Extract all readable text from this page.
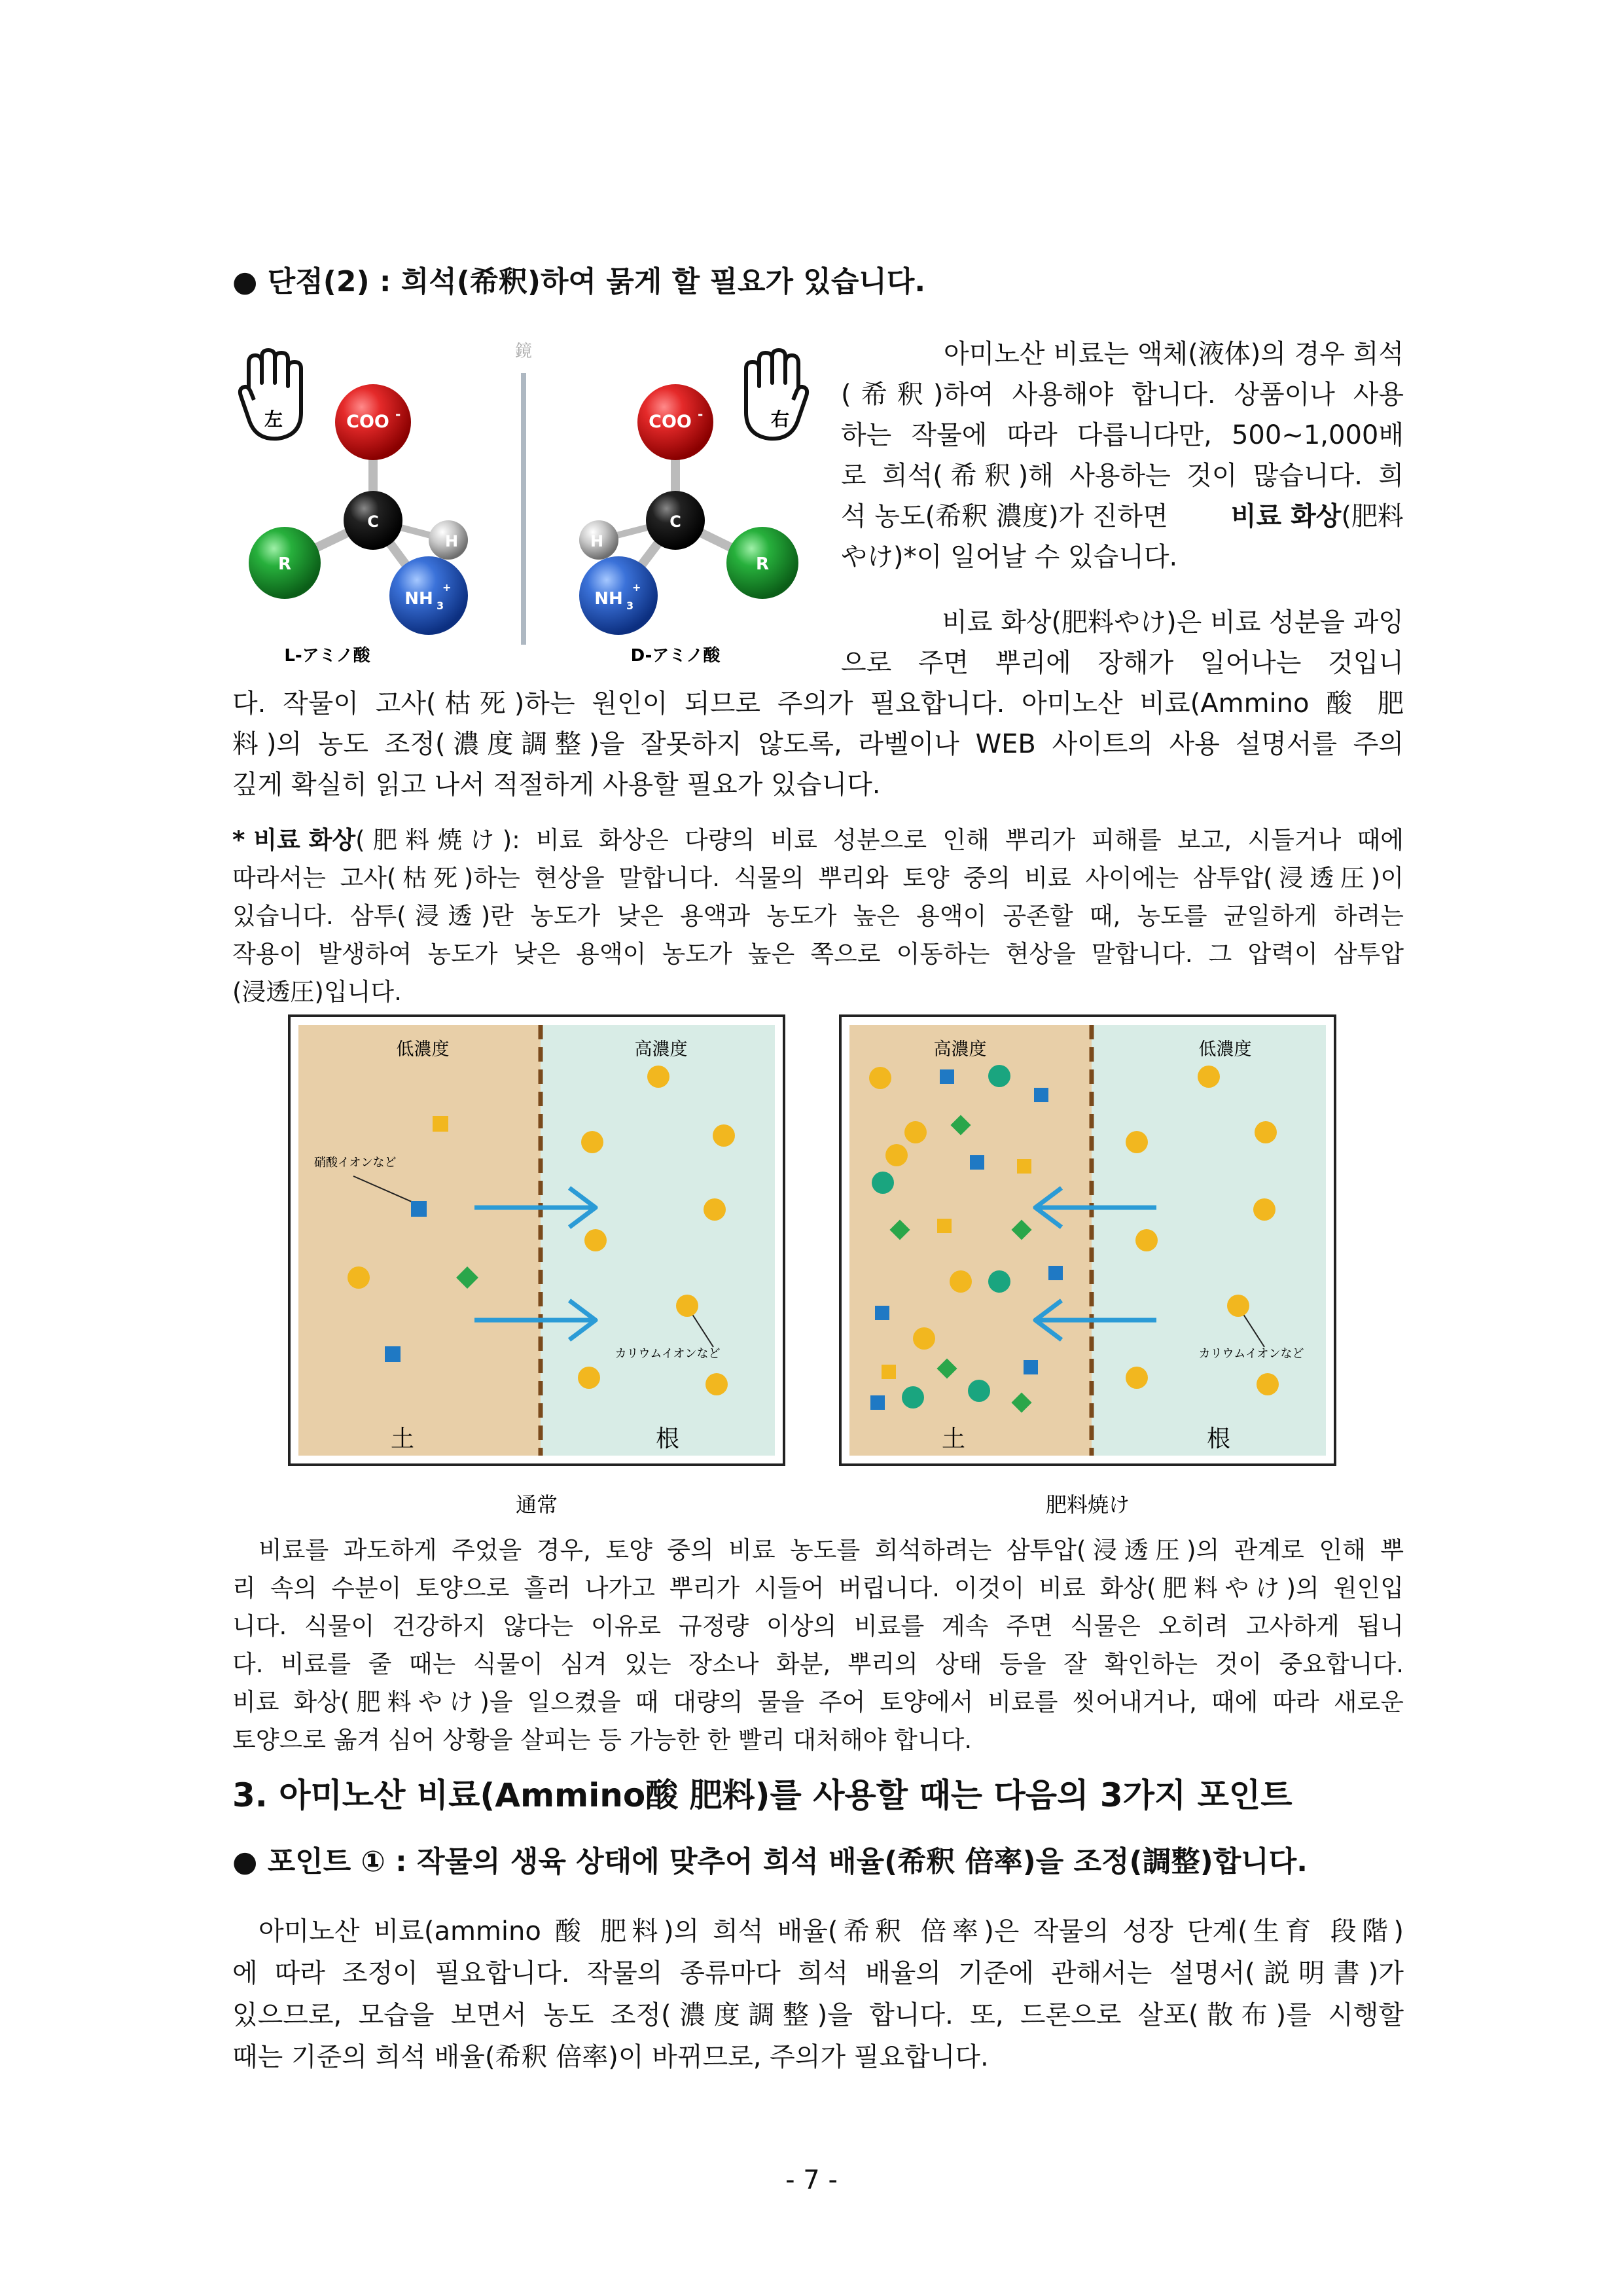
● 단점(2) : 희석(希釈)하여 묽게 할 필요가 있습니다.
鏡
左	右
COO -
C
R
H
NH 3
+
COO -
C
R
H
NH 3
+
L-アミノ酸	D-アミノ酸
아미노산 비료는 액체(液体)의 경우 희석
(希釈)하여 사용해야 합니다. 상품이나 사용
하는 작물에 따라 다릅니다만, 500~1,000배
로 희석(希釈)해 사용하는 것이 많습니다. 희
석 농도(希釈 濃度)가 진하면 비료 화상(肥料
やけ)*이 일어날 수 있습니다.
비료 화상(肥料やけ)은 비료 성분을 과잉
으로 주면 뿌리에 장해가 일어나는 것입니
다. 작물이 고사(枯死)하는 원인이 되므로 주의가 필요합니다. 아미노산 비료(Ammino 酸 肥
料)의 농도 조정(濃度調整)을 잘못하지 않도록, 라벨이나 WEB 사이트의 사용 설명서를 주의
깊게 확실히 읽고 나서 적절하게 사용할 필요가 있습니다.
* 비료 화상 (肥料焼け): 비료 화상은 다량의 비료 성분으로 인해 뿌리가 피해를 보고, 시들거나 때에
따라서는 고사(枯死)하는 현상을 말합니다. 식물의 뿌리와 토양 중의 비료 사이에는 삼투압(浸透圧)이
있습니다. 삼투(浸透)란 농도가 낮은 용액과 농도가 높은 용액이 공존할 때, 농도를 균일하게 하려는
작용이 발생하여 농도가 낮은 용액이 농도가 높은 쪽으로 이동하는 현상을 말합니다. 그 압력이 삼투압
(浸透圧)입니다.
低濃度	高濃度
土	根
硝酸イオンなど
カリウムイオンなど
通常
高濃度	低濃度
土	根
カリウムイオンなど
肥料焼け
비료를 과도하게 주었을 경우, 토양 중의 비료 농도를 희석하려는 삼투압(浸透圧)의 관계로 인해 뿌
리 속의 수분이 토양으로 흘러 나가고 뿌리가 시들어 버립니다. 이것이 비료 화상(肥料やけ)의 원인입
니다. 식물이 건강하지 않다는 이유로 규정량 이상의 비료를 계속 주면 식물은 오히려 고사하게 됩니
다. 비료를 줄 때는 식물이 심겨 있는 장소나 화분, 뿌리의 상태 등을 잘 확인하는 것이 중요합니다.
비료 화상(肥料やけ)을 일으켰을 때 대량의 물을 주어 토양에서 비료를 씻어내거나, 때에 따라 새로운
토양으로 옮겨 심어 상황을 살피는 등 가능한 한 빨리 대처해야 합니다.
3. 아미노산 비료(Ammino酸 肥料)를 사용할 때는 다음의 3가지 포인트
● 포인트 ① : 작물의 생육 상태에 맞추어 희석 배율(希釈 倍率)을 조정(調整)합니다.
아미노산 비료(ammino 酸 肥料)의 희석 배율(希釈 倍率)은 작물의 성장 단계(生育 段階)
에 따라 조정이 필요합니다. 작물의 종류마다 희석 배율의 기준에 관해서는 설명서(説明書)가
있으므로, 모습을 보면서 농도 조정(濃度調整)을 합니다. 또, 드론으로 살포(散布)를 시행할
때는 기준의 희석 배율(希釈 倍率)이 바뀌므로, 주의가 필요합니다.
- 7 -
